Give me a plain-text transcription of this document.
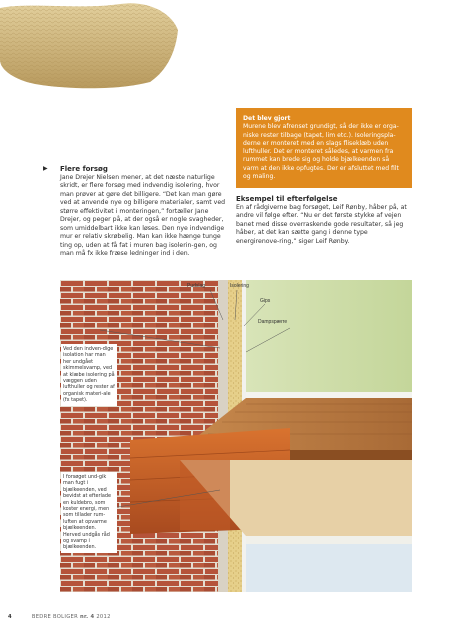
Det blev gjort
Murene blev afrenset grundigt, så der ikke er orga-niske rester tilbage (tapet, lim etc.). Isoleringsplа-derne er monteret med en slags fliseklæb uden lufthuller. Det er monteret således, at varmen fra rummet kan brede sig og holde bjælkeenden så varm at den ikke opfugtes. Der er afsluttet med filt og maling.
▶ Flere forsøg

Jane Drejer Nielsen mener, at det næste naturlige skridt, er flere forsøg med indvendig isolering, hvor man prøver at gøre det billigere. “Det kan man gøre ved at anvende nye og billigere materialer, samt ved større effektivitet i monteringen,” fortæller Jane Drejer, og peger på, at der også er nogle svagheder, som umiddelbart ikke kan løses. Den nye indvendige mur er relativ skrøbelig. Man kan ikke hænge tunge ting op, uden at få fat i muren bag isolerin-gen, og man må fx ikke fræse ledninger ind i den.

Eksempel til efterfølgelse

En af rådgiverne bag forsøget, Leif Rønby, håber på, at andre vil følge efter. “Nu er det første stykke af vejen banet med disse overraskende gode resultater, så jeg håber, at det kan sætte gang i denne type energirenove-ring,” siger Leif Rønby.

Pudslag	Isolering
Gips
Dampspærre
Ved den indven-dige isolation har man her undgået skimmelsvamp, ved at klæbe isolering på væggen uden lufthuller og rester af organisk materi-ale (fx tapet).
I forsøget und-gik man fugt i bjælkeenden, ved bevidst at efterlade en kuldebro, som koster energi, men som tillader rum-luften at opvarme bjælkeenden. Herved undgås råd og svamp i bjælkeenden.
4	BEDRE BOLIGER nr. 4 2012
